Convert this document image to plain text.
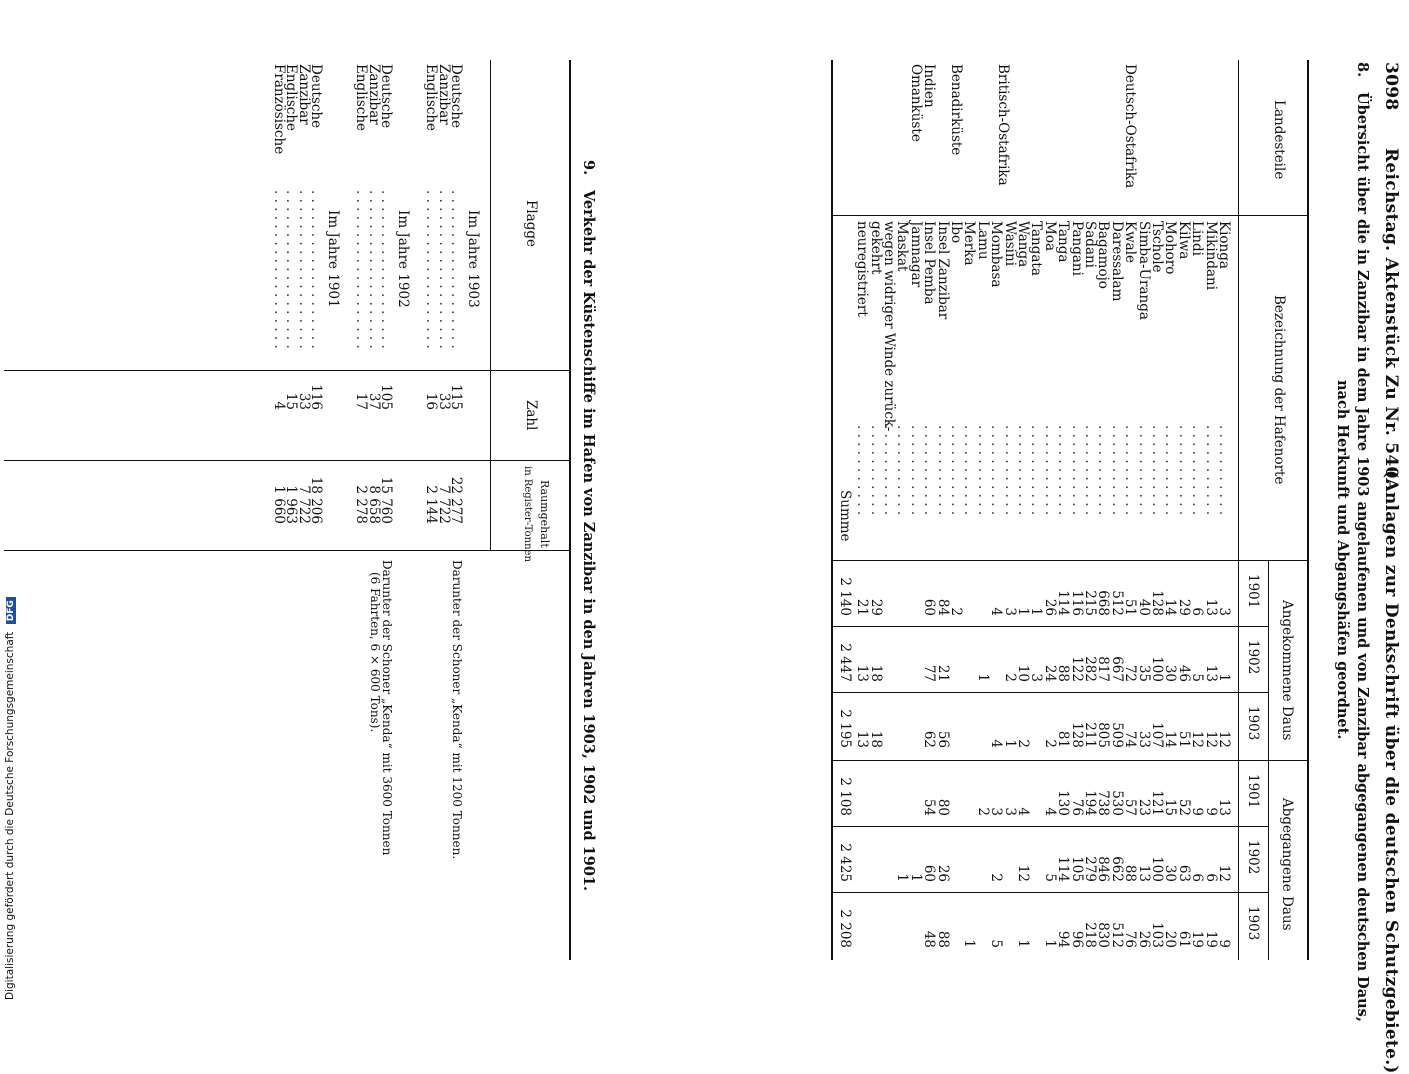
3098
Reichstag. Aktenstück Zu Nr. 540.
(Anlagen zur Denkschrift über die deutschen Schutzgebiete.)
8.
Übersicht über die in Zanzibar in dem Jahre 1903 angelaufenen und von Zanzibar abgegangenen deutschen Daus,
nach Herkunft und Abgangshäfen geordnet.
Landesteile
Bezeichnung der Hafenorte
Angekommene Daus
Abgegangene Daus
1901
1902
1903
1901
1902
1903
Deutsch-Ostafrika
Britisch-Ostafrika
Benadirküste
Indien
Omanküste
Kionga
. . . . . . . . . . .
3
1
12
13
12
9
Mikindani
. . . . . . . . . . .
13
13
12
9
6
19
Lindi
. . . . . . . . . . .
6
5
12
9
6
19
Kilwa
. . . . . . . . . . .
29
46
51
52
63
61
Mohoro
. . . . . . . . . . .
14
30
14
15
30
20
Tschole
. . . . . . . . . . .
128
100
107
121
100
103
Simba-Uranga
. . . . . . . . . . .
40
35
33
23
13
26
Kwale
. . . . . . . . . . .
51
72
74
57
88
76
Daressalam
. . . . . . . . . . .
512
667
509
530
662
512
Bagamojo
. . . . . . . . . . .
668
817
805
738
846
830
Sadani
. . . . . . . . . . .
215
282
211
194
279
218
Pangani
. . . . . . . . . . .
116
122
128
76
105
96
Tanga
. . . . . . . . . . .
114
88
81
130
114
94
Moa
. . . . . . . . . . .
26
24
2
4
5
1
Tangata
. . . . . . . . . . .
1
3
Wanga
. . . . . . . . . . .
1
10
2
4
12
1
Wasini
. . . . . . . . . . .
3
2
1
3
Mombasa
. . . . . . . . . . .
4
4
3
2
5
Lamu
. . . . . . . . . . .
1
2
Merka
. . . . . . . . . . .
1
Ibo
. . . . . . . . . . .
2
Insel Zanzibar
. . . . . . . . . . .
84
21
56
80
26
88
Insel Pemba
. . . . . . . . . . .
60
77
62
54
60
48
Jamnagar
. . . . . . . . . . .
1
Maskat
. . . . . . . . . . .
1
wegen widriger Winde zurück-
. . . . . . . . . . .
gekehrt
. . . . . . . . . . .
29
18
18
neuregistriert
. . . . . . . . . . .
21
13
13
Summe
2 140
2 447
2 195
2 108
2 425
2 208
9.
Verkehr der Küstenschiffe im Hafen von Zanzibar in den Jahren 1903, 1902 und 1901.
Flagge
Zahl
Raumgehalt
in Register-Tonnen
Im Jahre 1903
Deutsche
. . . . . . . . . . . . . . . . . . .
115
22 277
Zanzibar
. . . . . . . . . . . . . . . . . . .
33
7 722
Englische
. . . . . . . . . . . . . . . . . . .
16
2 144
Darunter der Schoner „Kenda“ mit 1200 Tonnen.
Im Jahre 1902
Deutsche
. . . . . . . . . . . . . . . . . . .
105
15 760
Zanzibar
. . . . . . . . . . . . . . . . . . .
37
8 658
Englische
. . . . . . . . . . . . . . . . . . .
17
2 278
Darunter der Schoner „Kenda“ mit 3600 Tonnen
(6 Fahrten, 6 × 600 Tons).
Im Jahre 1901
Deutsche
. . . . . . . . . . . . . . . . . . .
116
18 206
Zanzibar
. . . . . . . . . . . . . . . . . . .
33
7 722
Englische
. . . . . . . . . . . . . . . . . . .
15
1 963
Französische
. . . . . . . . . . . . . . . . . . .
4
1 660
Digitalisierung gefördert durch die Deutsche Forschungsgemeinschaft DFG
